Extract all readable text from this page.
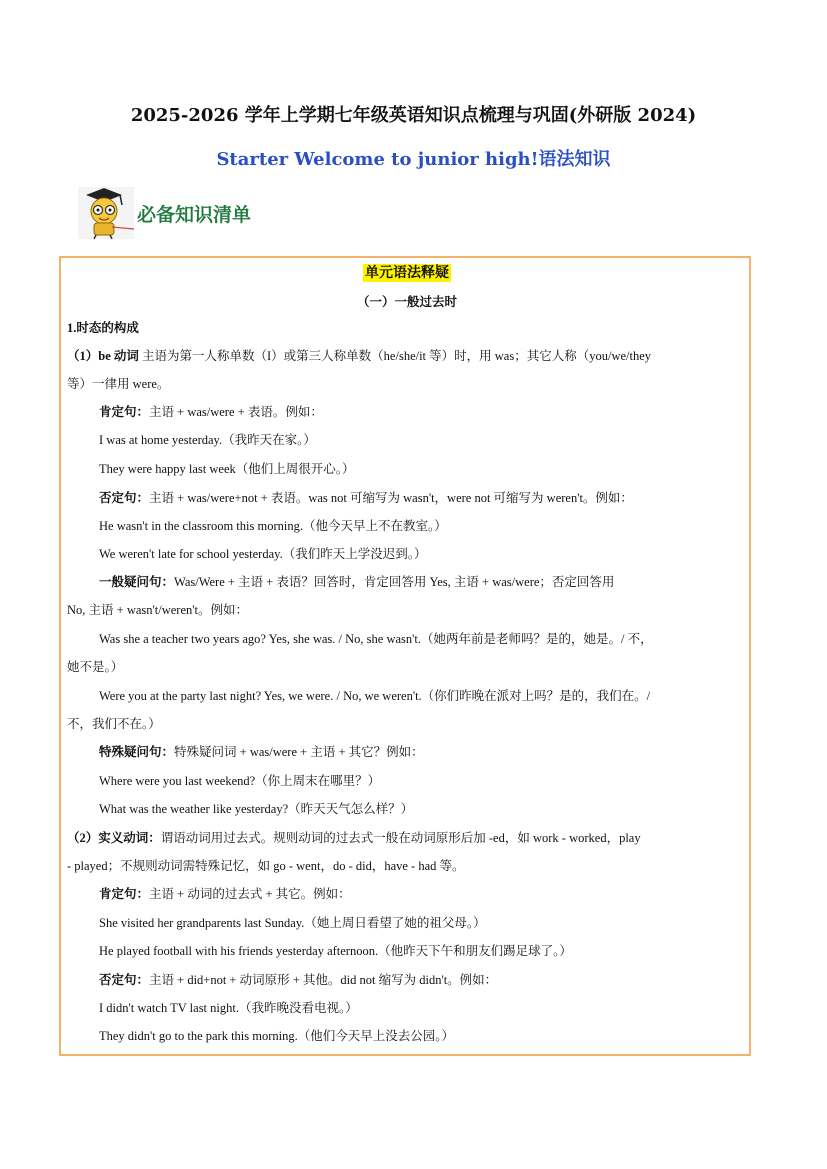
2025-2026 学年上学期七年级英语知识点梳理与巩固(外研版 2024)
Starter Welcome to junior high!语法知识
必备知识清单
单元语法释疑
（一）一般过去时
1.时态的构成
（1）be 动词 主语为第一人称单数（I）或第三人称单数（he/she/it 等）时，用 was；其它人称（you/we/they
等）一律用 were。
肯定句：主语 + was/were + 表语。例如：
I was at home yesterday.（我昨天在家。）
They were happy last week（他们上周很开心。）
否定句：主语 + was/were+not + 表语。was not 可缩写为 wasn't，were not 可缩写为 weren't。例如：
He wasn't in the classroom this morning.（他今天早上不在教室。）
We weren't late for school yesterday.（我们昨天上学没迟到。）
一般疑问句：Was/Were + 主语 + 表语？回答时，肯定回答用 Yes, 主语 + was/were；否定回答用
No, 主语 + wasn't/weren't。例如：
Was she a teacher two years ago? Yes, she was. / No, she wasn't.（她两年前是老师吗？是的，她是。/ 不，
她不是。）
Were you at the party last night? Yes, we were. / No, we weren't.（你们昨晚在派对上吗？是的，我们在。/
不，我们不在。）
特殊疑问句：特殊疑问词 + was/were + 主语 + 其它？例如：
Where were you last weekend?（你上周末在哪里？）
What was the weather like yesterday?（昨天天气怎么样？）
（2）实义动词：谓语动词用过去式。规则动词的过去式一般在动词原形后加 -ed，如 work - worked，play
- played；不规则动词需特殊记忆，如 go - went，do - did，have - had 等。
肯定句：主语 + 动词的过去式 + 其它。例如：
She visited her grandparents last Sunday.（她上周日看望了她的祖父母。）
He played football with his friends yesterday afternoon.（他昨天下午和朋友们踢足球了。）
否定句：主语 + did+not + 动词原形 + 其他。did not 缩写为 didn't。例如：
I didn't watch TV last night.（我昨晚没看电视。）
They didn't go to the park this morning.（他们今天早上没去公园。）
